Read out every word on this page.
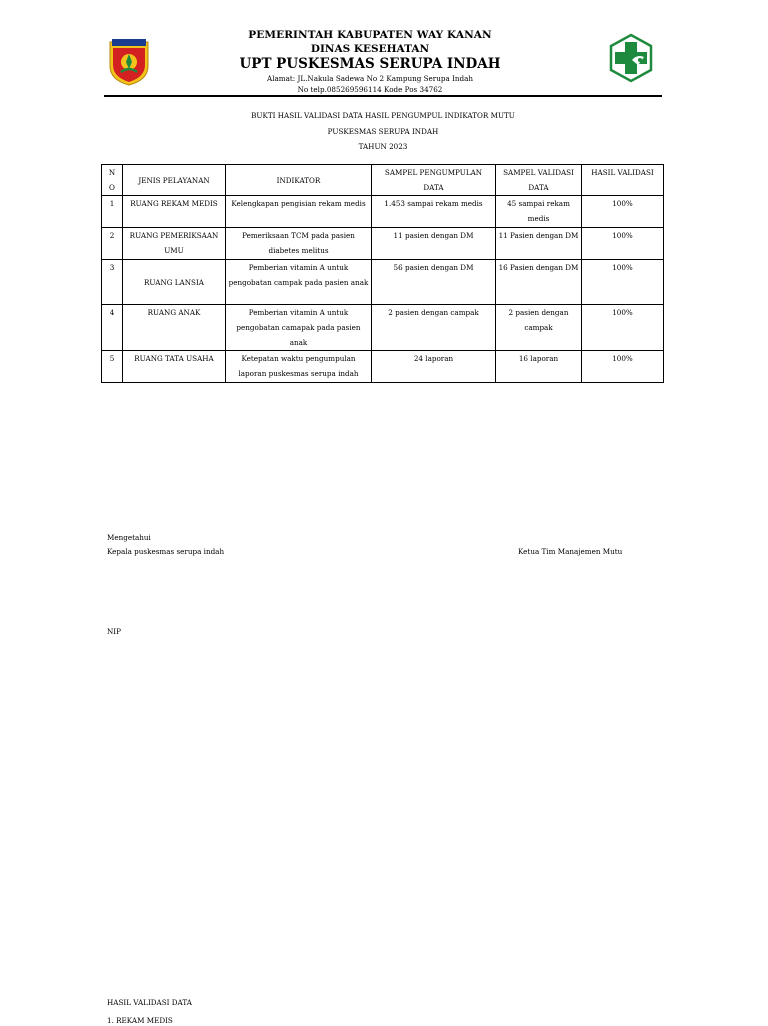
PEMERINTAH KABUPATEN WAY KANAN
DINAS KESEHATAN
UPT PUSKESMAS SERUPA INDAH
Alamat: JL.Nakula Sadewa No 2 Kampung Serupa Indah
No telp.085269596114 Kode Pos 34762
BUKTI HASIL VALIDASI DATA HASIL PENGUMPUL INDIKATOR MUTU
PUSKESMAS SERUPA INDAH
TAHUN 2023
N O	JENIS PELAYANAN	INDIKATOR	SAMPEL PENGUMPULAN DATA	SAMPEL VALIDASI DATA	HASIL VALIDASI
1	RUANG REKAM MEDIS	Kelengkapan pengisian rekam medis	1.453 sampai rekam medis	45 sampai rekam medis	100%
2	RUANG PEMERIKSAAN UMU	Pemeriksaan TCM pada pasien diabetes melitus	11 pasien dengan DM	11 Pasien dengan DM	100%
3	RUANG LANSIA	Pemberian vitamin A untuk pengobatan campak pada pasien anak	56 pasien dengan DM	16 Pasien dengan DM	100%
4	RUANG ANAK	Pemberian vitamin A untuk pengobatan camapak pada pasien anak	2 pasien dengan campak	2 pasien dengan campak	100%
5	RUANG TATA USAHA	Ketepatan waktu pengumpulan laporan puskesmas serupa indah	24 laporan	16 laporan	100%
Mengetahui
Kepala puskesmas serupa indah	Ketua Tim Manajemen Mutu
NIP
HASIL VALIDASI DATA
1. REKAM MEDIS
